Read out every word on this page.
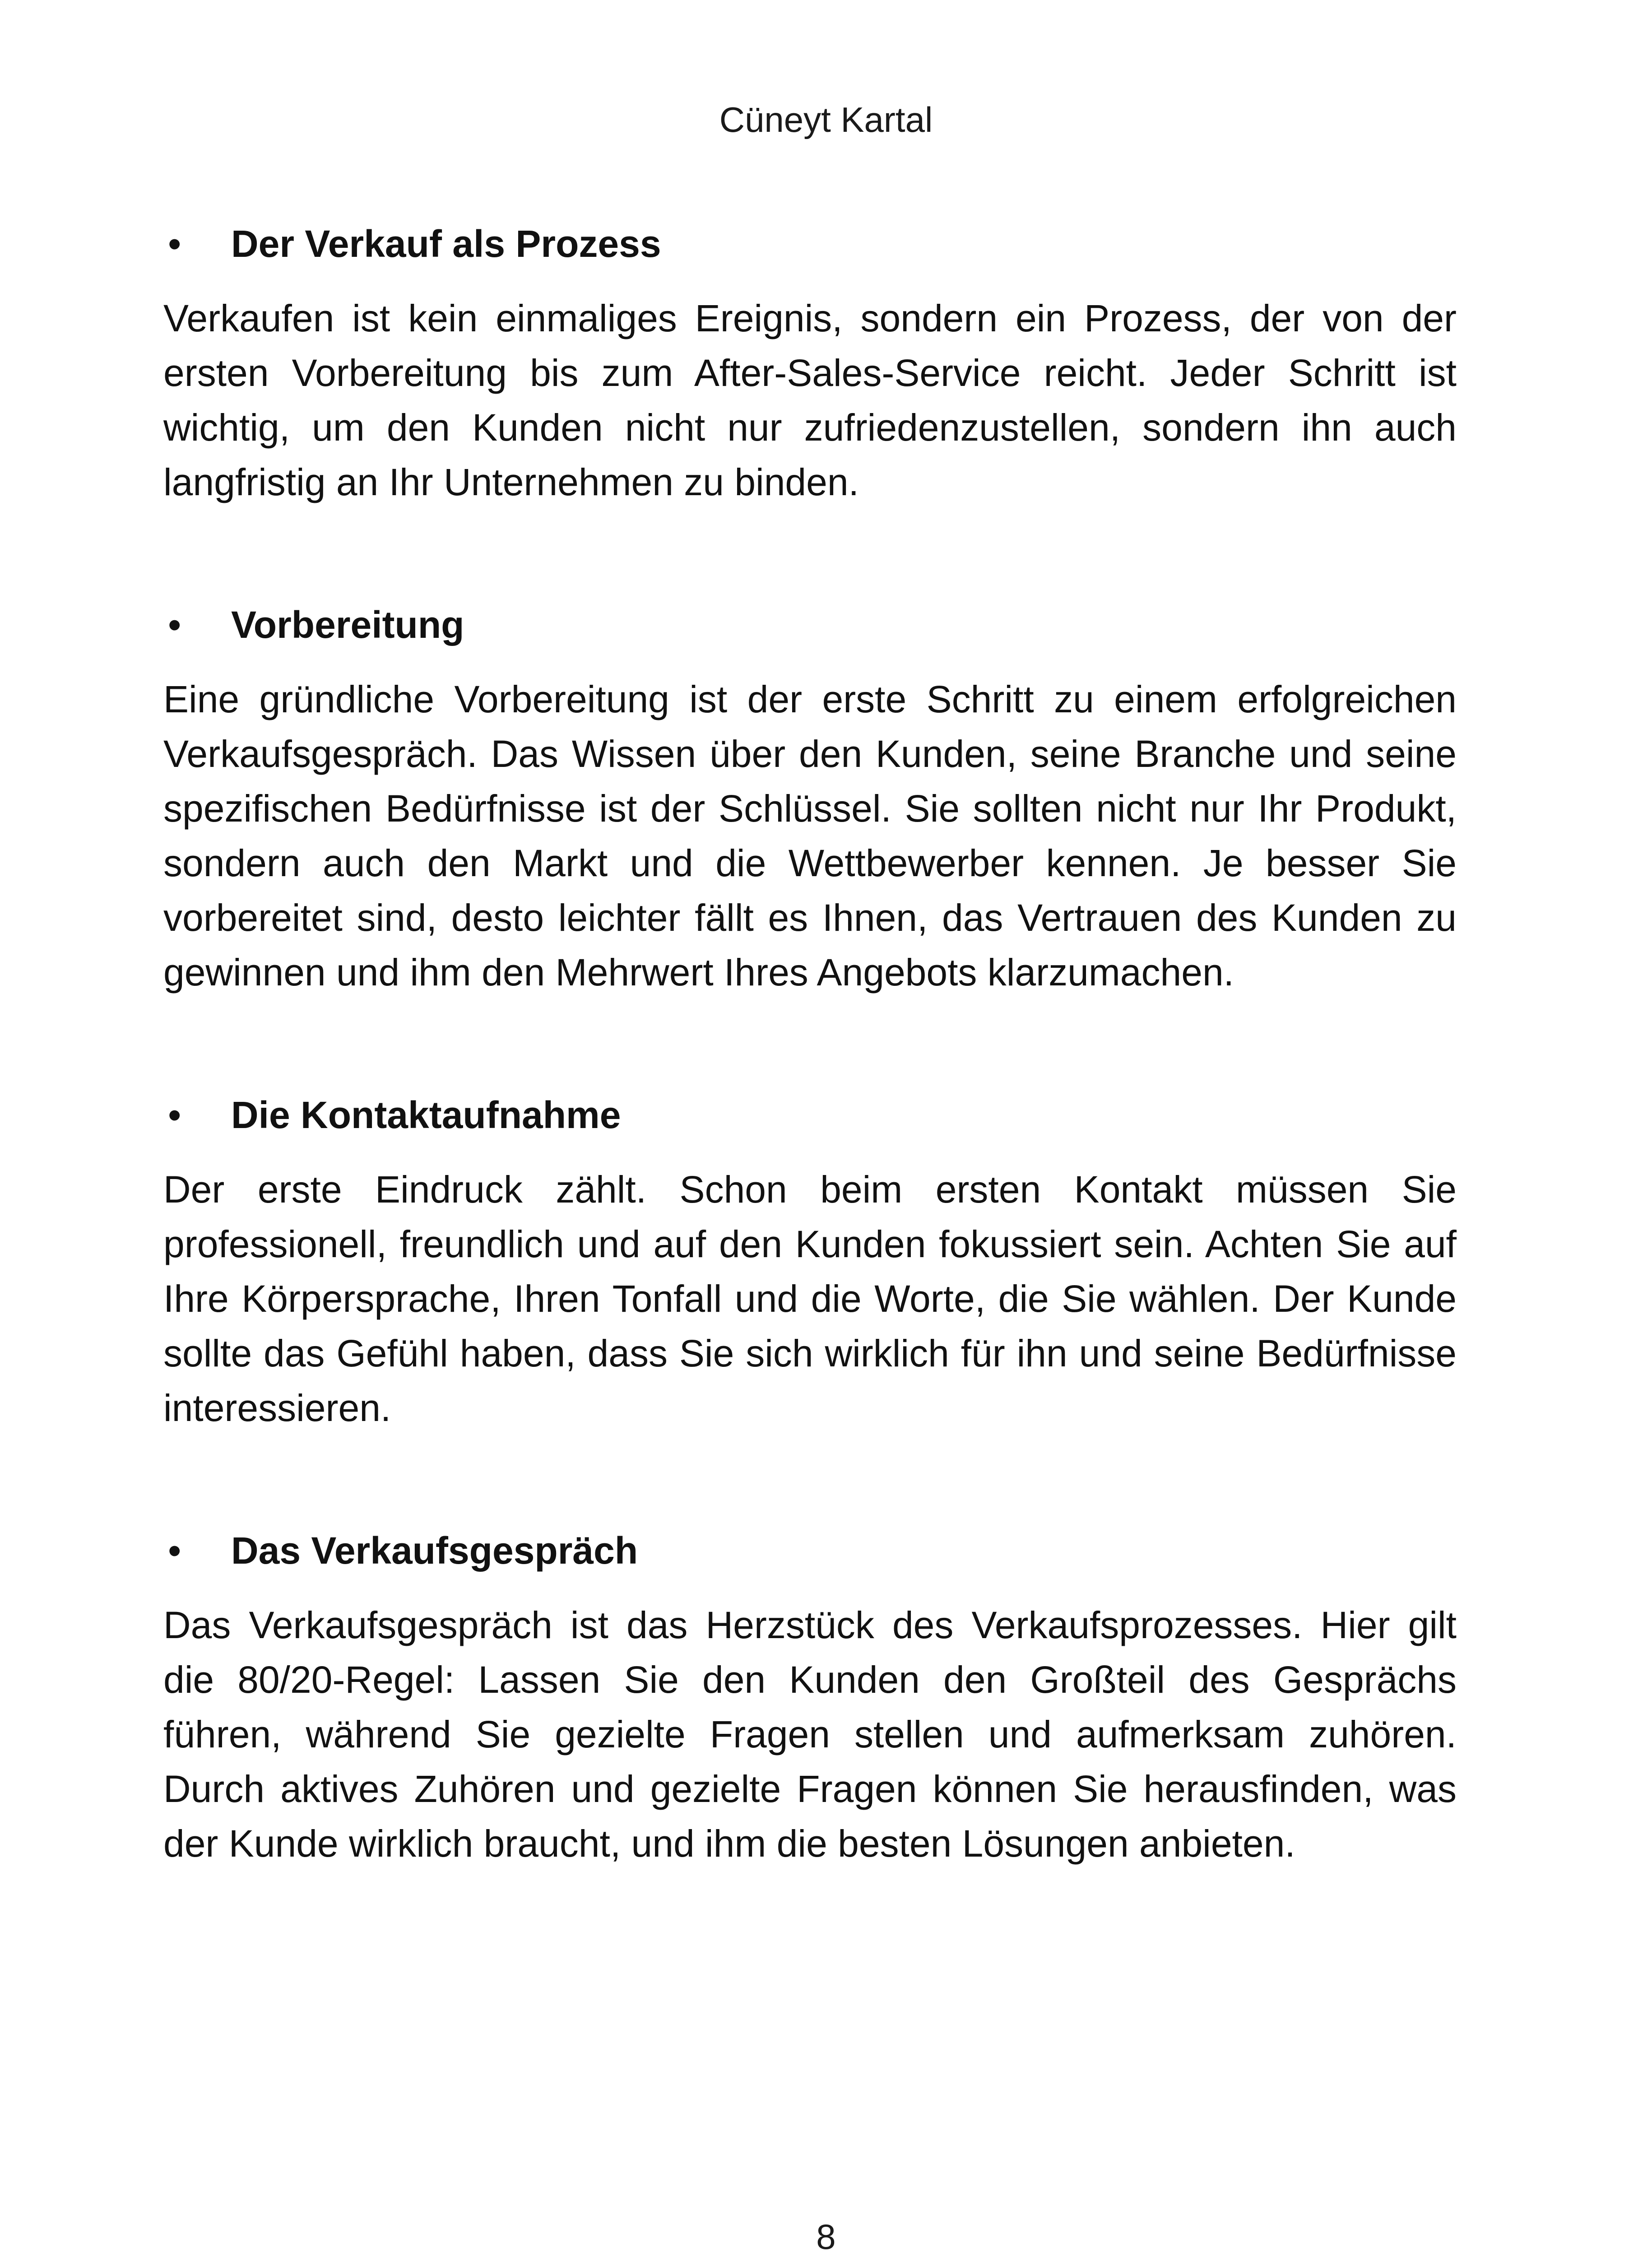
Cüneyt Kartal
• Der Verkauf als Prozess

Verkaufen ist kein einmaliges Ereignis, sondern ein Prozess, der von der ersten Vorbereitung bis zum After-Sales-Service reicht. Jeder Schritt ist wichtig, um den Kunden nicht nur zufriedenzustellen, sondern ihn auch langfristig an Ihr Unternehmen zu binden.

• Vorbereitung

Eine gründliche Vorbereitung ist der erste Schritt zu einem erfolgreichen Verkaufsgespräch. Das Wissen über den Kunden, seine Branche und seine spezifischen Bedürfnisse ist der Schlüssel. Sie sollten nicht nur Ihr Produkt, sondern auch den Markt und die Wettbewerber kennen. Je besser Sie vorbereitet sind, desto leichter fällt es Ihnen, das Vertrauen des Kunden zu gewinnen und ihm den Mehrwert Ihres Angebots klarzumachen.

• Die Kontaktaufnahme

Der erste Eindruck zählt. Schon beim ersten Kontakt müssen Sie professionell, freundlich und auf den Kunden fokussiert sein. Achten Sie auf Ihre Körpersprache, Ihren Tonfall und die Worte, die Sie wählen. Der Kunde sollte das Gefühl haben, dass Sie sich wirklich für ihn und seine Bedürfnisse interessieren.

• Das Verkaufsgespräch

Das Verkaufsgespräch ist das Herzstück des Verkaufsprozesses. Hier gilt die 80/20-Regel: Lassen Sie den Kunden den Großteil des Gesprächs führen, während Sie gezielte Fragen stellen und aufmerksam zuhören. Durch aktives Zuhören und gezielte Fragen können Sie herausfinden, was der Kunde wirklich braucht, und ihm die besten Lösungen anbieten.

8
